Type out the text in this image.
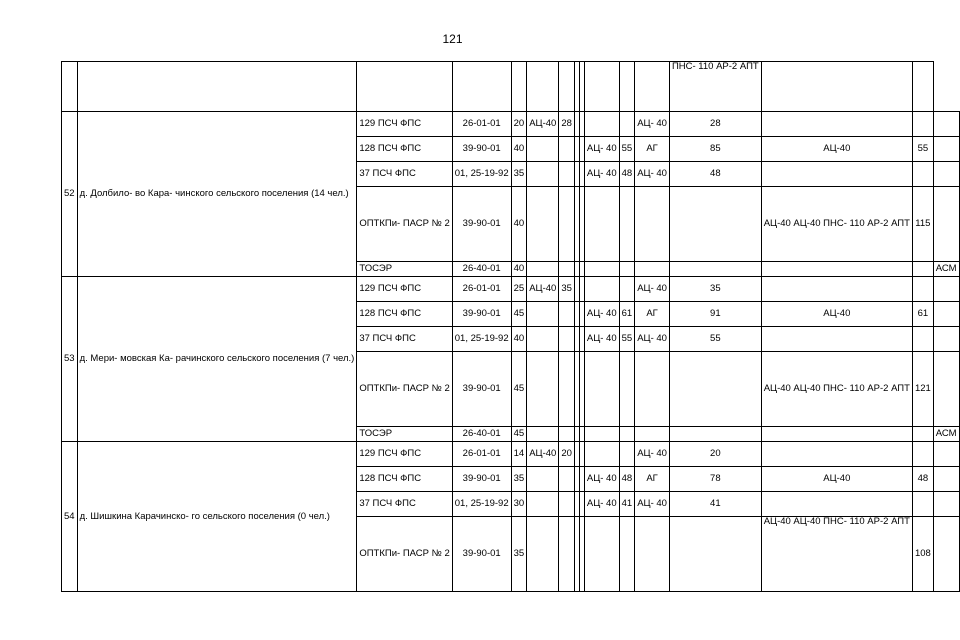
121
												ПНС- 110 АР-2 АПТ			
52	д. Долбило- во Кара- чинского сельского поселения (14 чел.)	129 ПСЧ ФПС	26-01-01	20	АЦ-40	28					АЦ- 40	28			
		128 ПСЧ ФПС	39-90-01	40					АЦ- 40	55	АГ	85	АЦ-40	55	
		37 ПСЧ ФПС	01, 25-19-92	35					АЦ- 40	48	АЦ- 40	48			
		ОПТКПи- ПАСР № 2	39-90-01	40									АЦ-40 АЦ-40 ПНС- 110 АР-2 АПТ	115	
		ТОСЭР	26-40-01	40											АСМ
53	д. Мери- мовская Ка- рачинского сельского поселения (7 чел.)	129 ПСЧ ФПС	26-01-01	25	АЦ-40	35					АЦ- 40	35			
		128 ПСЧ ФПС	39-90-01	45					АЦ- 40	61	АГ	91	АЦ-40	61	
		37 ПСЧ ФПС	01, 25-19-92	40					АЦ- 40	55	АЦ- 40	55			
		ОПТКПи- ПАСР № 2	39-90-01	45									АЦ-40 АЦ-40 ПНС- 110 АР-2 АПТ	121	
		ТОСЭР	26-40-01	45											АСМ
54	д. Шишкина Карачинско- го сельского поселения (0 чел.)	129 ПСЧ ФПС	26-01-01	14	АЦ-40	20					АЦ- 40	20			
		128 ПСЧ ФПС	39-90-01	35					АЦ- 40	48	АГ	78	АЦ-40	48	
		37 ПСЧ ФПС	01, 25-19-92	30					АЦ- 40	41	АЦ- 40	41			
		ОПТКПи- ПАСР № 2	39-90-01	35									АЦ-40 АЦ-40 ПНС- 110 АР-2 АПТ	108	
